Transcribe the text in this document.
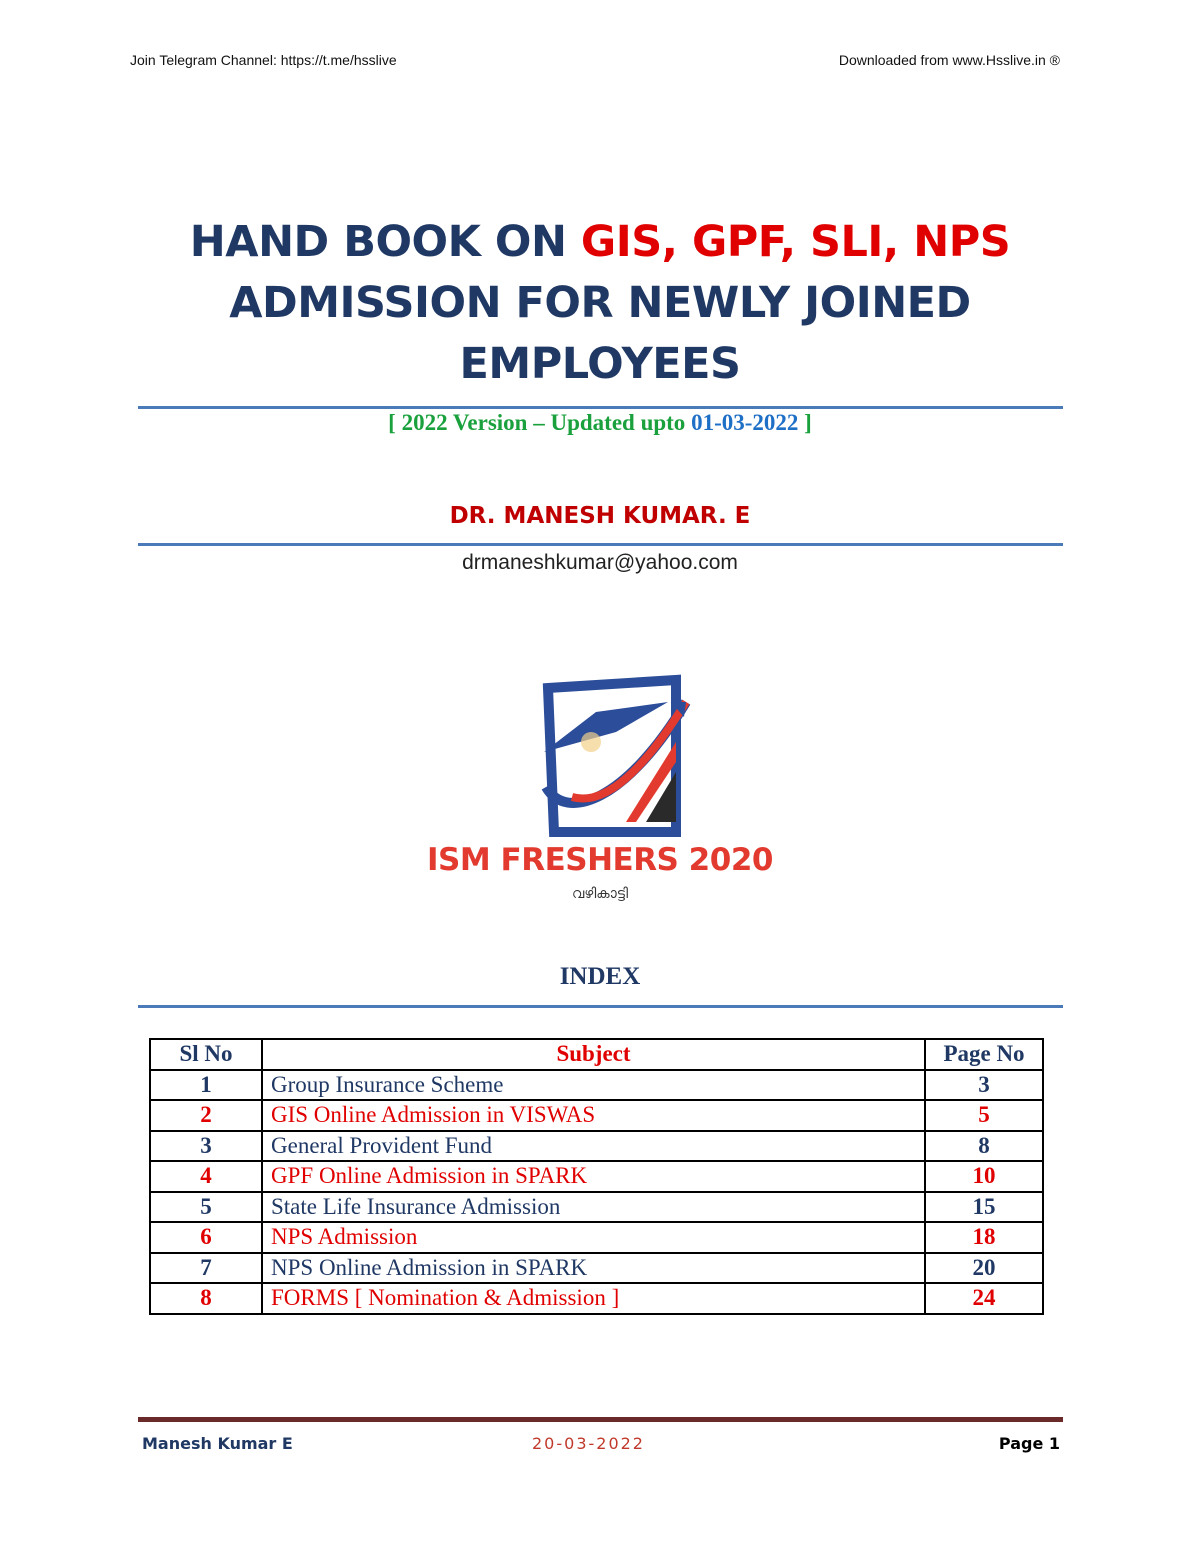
Join Telegram Channel: https://t.me/hsslive	Downloaded from www.Hsslive.in ®
HAND BOOK ON GIS, GPF, SLI, NPS
ADMISSION FOR NEWLY JOINED
EMPLOYEES
[ 2022 Version – Updated upto 01-03-2022 ]
DR. MANESH KUMAR. E
drmaneshkumar@yahoo.com
ISM FRESHERS 2020
വഴികാട്ടി
INDEX
Sl No	Subject	Page No
1	Group Insurance Scheme	3
2	GIS Online Admission in VISWAS	5
3	General Provident Fund	8
4	GPF Online Admission in SPARK	10
5	State Life Insurance Admission	15
6	NPS Admission	18
7	NPS Online Admission in SPARK	20
8	FORMS [ Nomination & Admission ]	24
Manesh Kumar E	20-03-2022	Page 1
